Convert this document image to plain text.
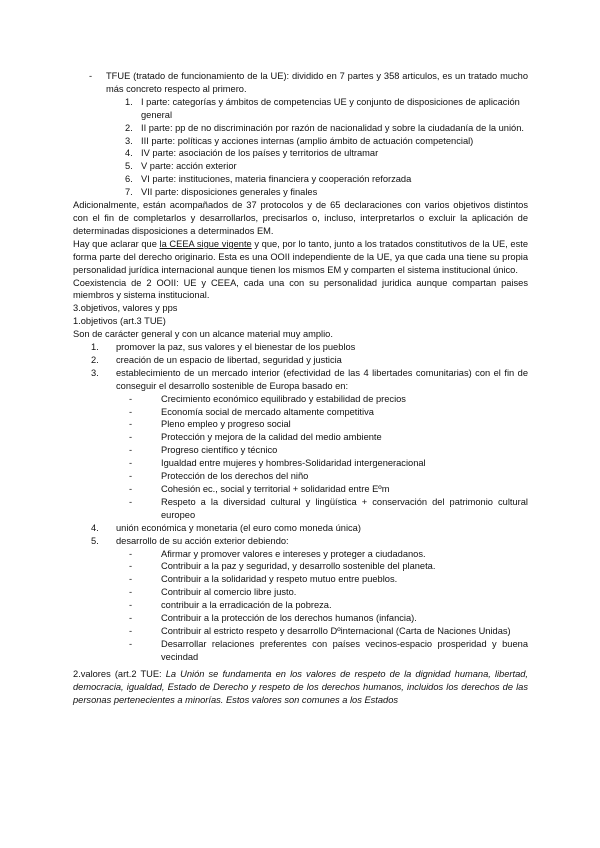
- TFUE (tratado de funcionamiento de la UE): dividido en 7 partes y 358 articulos, es un tratado mucho más concreto respecto al primero.
1. I parte: categorías y ámbitos de competencias UE y conjunto de disposiciones de aplicación general
2. II parte: pp de no discriminación por razón de nacionalidad y sobre la ciudadanía de la unión.
3. III parte: políticas y acciones internas (amplio ámbito de actuación competencial)
4. IV parte: asociación de los países y territorios de ultramar
5. V parte: acción exterior
6. VI parte: instituciones, materia financiera y cooperación reforzada
7. VII parte: disposiciones generales y finales

Adicionalmente, están acompañados de 37 protocolos y de 65 declaraciones con varios objetivos distintos con el fin de completarlos y desarrollarlos, precisarlos o, incluso, interpretarlos o excluir la aplicación de determinadas disposiciones a determinados EM.

Hay que aclarar que la CEEA sigue vigente y que, por lo tanto, junto a los tratados constitutivos de la UE, este forma parte del derecho originario. Esta es una OOII independiente de la UE, ya que cada una tiene su propia personalidad jurídica internacional aunque tienen los mismos EM y comparten el sistema institucional único.

Coexistencia de 2 OOII: UE y CEEA, cada una con su personalidad juridica aunque compartan paises miembros y sistema institucional.

3.objetivos, valores y pps

1.objetivos (art.3 TUE)

Son de carácter general y con un alcance material muy amplio.

1. promover la paz, sus valores y el bienestar de los pueblos
2. creación de un espacio de libertad, seguridad y justicia
3. establecimiento de un mercado interior (efectividad de las 4 libertades comunitarias) con el fin de conseguir el desarrollo sostenible de Europa basado en:
-	Crecimiento económico equilibrado y estabilidad de precios
-	Economía social de mercado altamente competitiva
-	Pleno empleo y progreso social
-	Protección y mejora de la calidad del medio ambiente
-	Progreso científico y técnico
-	Igualdad entre mujeres y hombres-Solidaridad intergeneracional
-	Protección de los derechos del niño
-	Cohesión ec., social y territorial + solidaridad entre Eºm
-	Respeto a la diversidad cultural y lingüística + conservación del patrimonio cultural europeo
4. unión económica y monetaria (el euro como moneda única)
5. desarrollo de su acción exterior debiendo:
-	Afirmar y promover valores e intereses y proteger a ciudadanos.
-	Contribuir a la paz y seguridad, y desarrollo sostenible del planeta.
-	Contribuir a la solidaridad y respeto mutuo entre pueblos.
-	Contribuir al comercio libre justo.
-	contribuir a la erradicación de la pobreza.
-	Contribuir a la protección de los derechos humanos (infancia).
-	Contribuir al estricto respeto y desarrollo Dºinternacional (Carta de Naciones Unidas)
-	Desarrollar relaciones preferentes con países vecinos-espacio prosperidad y buena vecindad

2.valores (art.2 TUE: La Unión se fundamenta en los valores de respeto de la dignidad humana, libertad, democracia, igualdad, Estado de Derecho y respeto de los derechos humanos, incluidos los derechos de las personas pertenecientes a minorías. Estos valores son comunes a los Estados
